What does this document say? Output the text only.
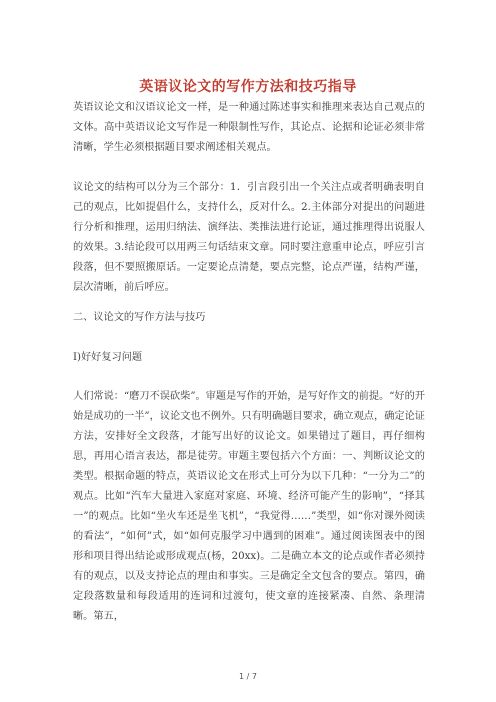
英语议论文的写作方法和技巧指导

英语议论文和汉语议论文一样，是一种通过陈述事实和推理来表达自己观点的文体。高中英语议论文写作是一种限制性写作，其论点、论据和论证必须非常清晰，学生必须根据题目要求阐述相关观点。

议论文的结构可以分为三个部分：1．引言段引出一个关注点或者明确表明自己的观点，比如提倡什么，支持什么，反对什么。2.主体部分对提出的问题进行分析和推理，运用归纳法、演绎法、类推法进行论证，通过推理得出说服人的效果。3.结论段可以用两三句话结束文章。同时要注意重申论点，呼应引言段落，但不要照搬原话。一定要论点清楚，要点完整，论点严谨，结构严谨，层次清晰，前后呼应。

二、议论文的写作方法与技巧

I)好好复习问题

人们常说：“磨刀不误砍柴”。审题是写作的开始，是写好作文的前提。“好的开始是成功的一半”，议论文也不例外。只有明确题目要求，确立观点，确定论证方法，安排好全文段落，才能写出好的议论文。如果错过了题目，再仔细构思，再用心语言表达，都是徒劳。审题主要包括六个方面：一、判断议论文的类型。根据命题的特点，英语议论文在形式上可分为以下几种：“一分为二”的观点。比如“汽车大量进入家庭对家庭、环境、经济可能产生的影响”，“择其一”的观点。比如“坐火车还是坐飞机”，“我觉得……”类型，如“你对课外阅读的看法”，“如何”式，如“如何克服学习中遇到的困难”。通过阅读图表中的图形和项目得出结论或形成观点(杨，20xx)。二是确立本文的论点或作者必须持有的观点，以及支持论点的理由和事实。三是确定全文包含的要点。第四，确定段落数量和每段适用的连词和过渡句，使文章的连接紧凑、自然、条理清晰。第五，

1 / 7
